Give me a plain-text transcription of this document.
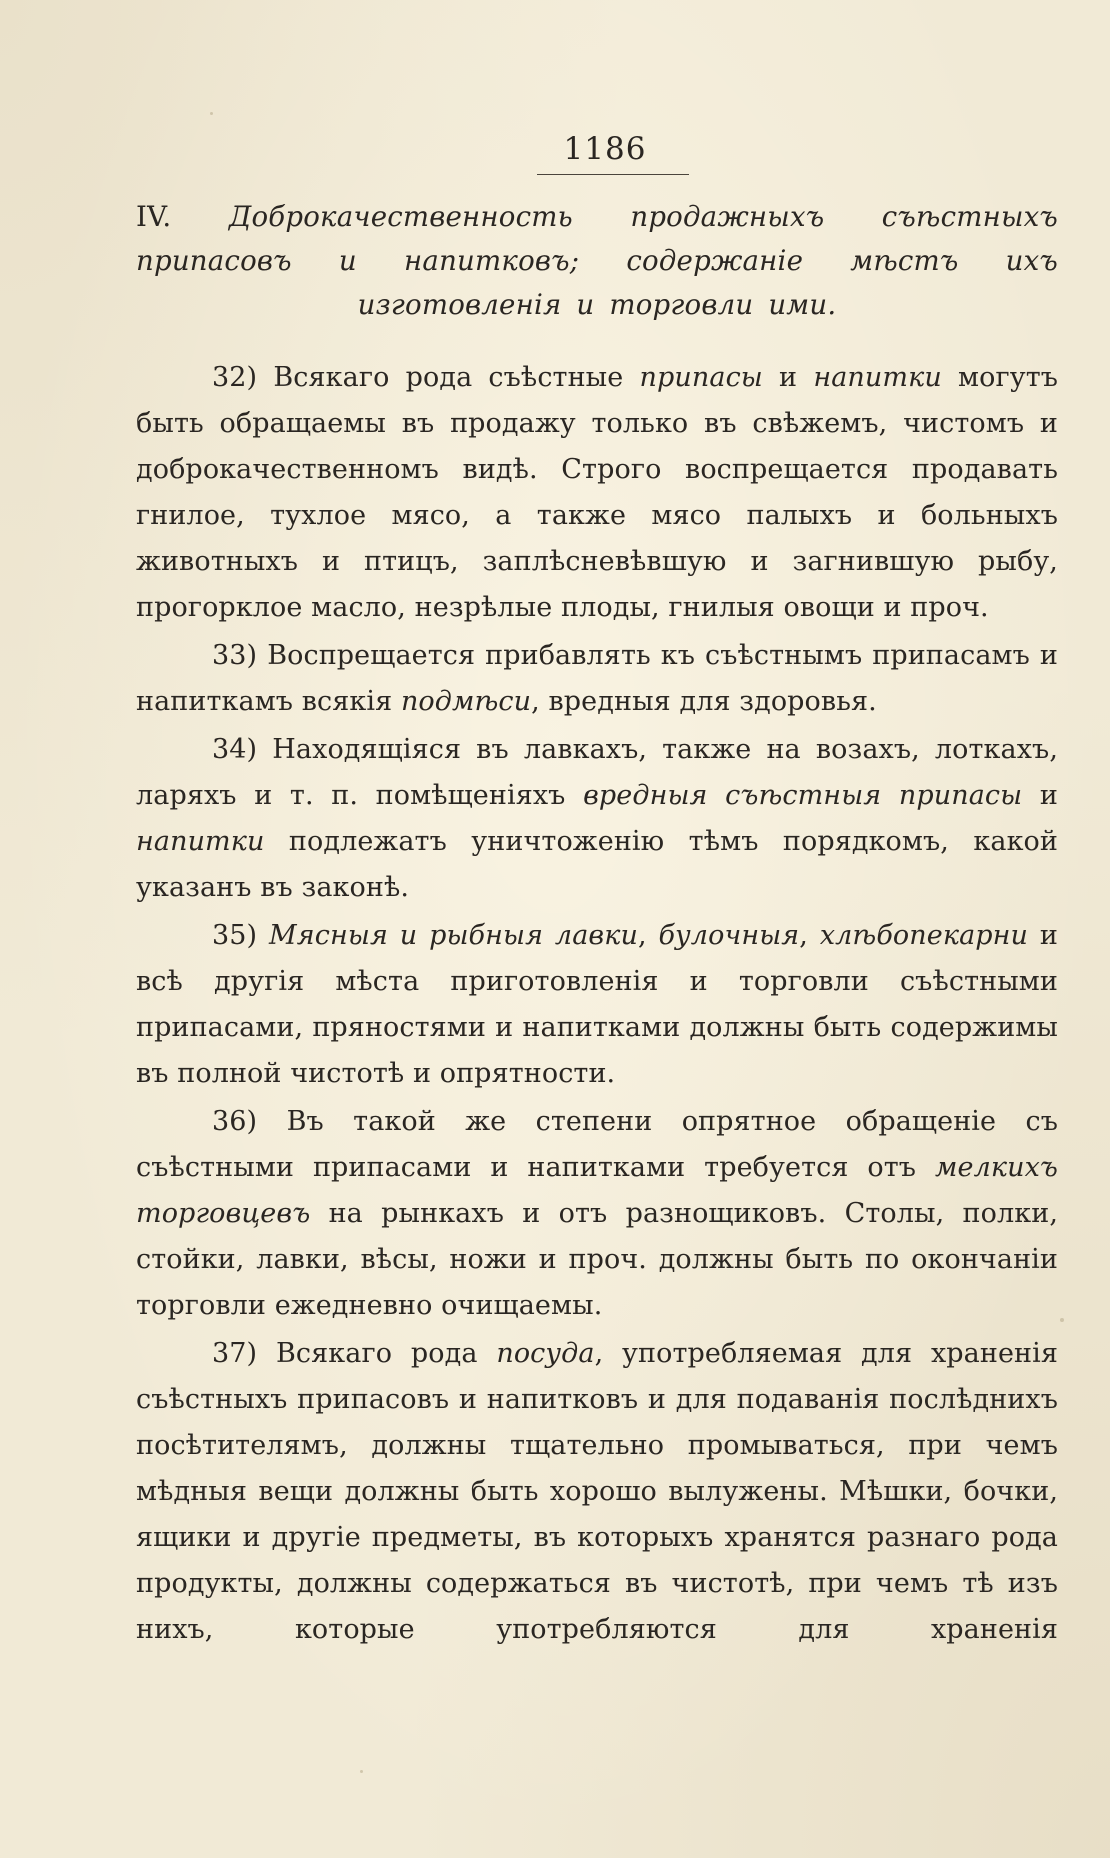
1186
IV. Доброкачественность продажныхъ съѣстныхъ припасовъ и напитковъ; содержаніе мѣстъ ихъ изготовленія и торговли ими.

32) Всякаго рода съѣстные припасы и напитки могутъ быть обращаемы въ продажу только въ свѣжемъ, чистомъ и доброкачественномъ видѣ. Строго воспрещается продавать гнилое, тухлое мясо, а также мясо палыхъ и больныхъ животныхъ и птицъ, заплѣсневѣвшую и загнившую рыбу, прогорклое масло, незрѣлые плоды, гнилыя овощи и проч.

33) Воспрещается прибавлять къ съѣстнымъ припасамъ и напиткамъ всякія подмѣси, вредныя для здоровья.

34) Находящіяся въ лавкахъ, также на возахъ, лоткахъ, ларяхъ и т. п. помѣщеніяхъ вредныя съѣстныя припасы и напитки подлежатъ уничтоженію тѣмъ порядкомъ, какой указанъ въ законѣ.

35) Мясныя и рыбныя лавки, булочныя, хлѣбопекарни и всѣ другія мѣста приготовленія и торговли съѣстными припасами, пряностями и напитками должны быть содержимы въ полной чистотѣ и опрятности.

36) Въ такой же степени опрятное обращеніе съ съѣстными припасами и напитками требуется отъ мелкихъ торговцевъ на рынкахъ и отъ разнощиковъ. Столы, полки, стойки, лавки, вѣсы, ножи и проч. должны быть по окончаніи торговли ежедневно очищаемы.

37) Всякаго рода посуда, употребляемая для храненія съѣстныхъ припасовъ и напитковъ и для подаванія послѣднихъ посѣтителямъ, должны тщательно промываться, при чемъ мѣдныя вещи должны быть хорошо вылужены. Мѣшки, бочки, ящики и другіе предметы, въ которыхъ хранятся разнаго рода продукты, должны содержаться въ чистотѣ, при чемъ тѣ изъ нихъ, которые употребляются для храненія
